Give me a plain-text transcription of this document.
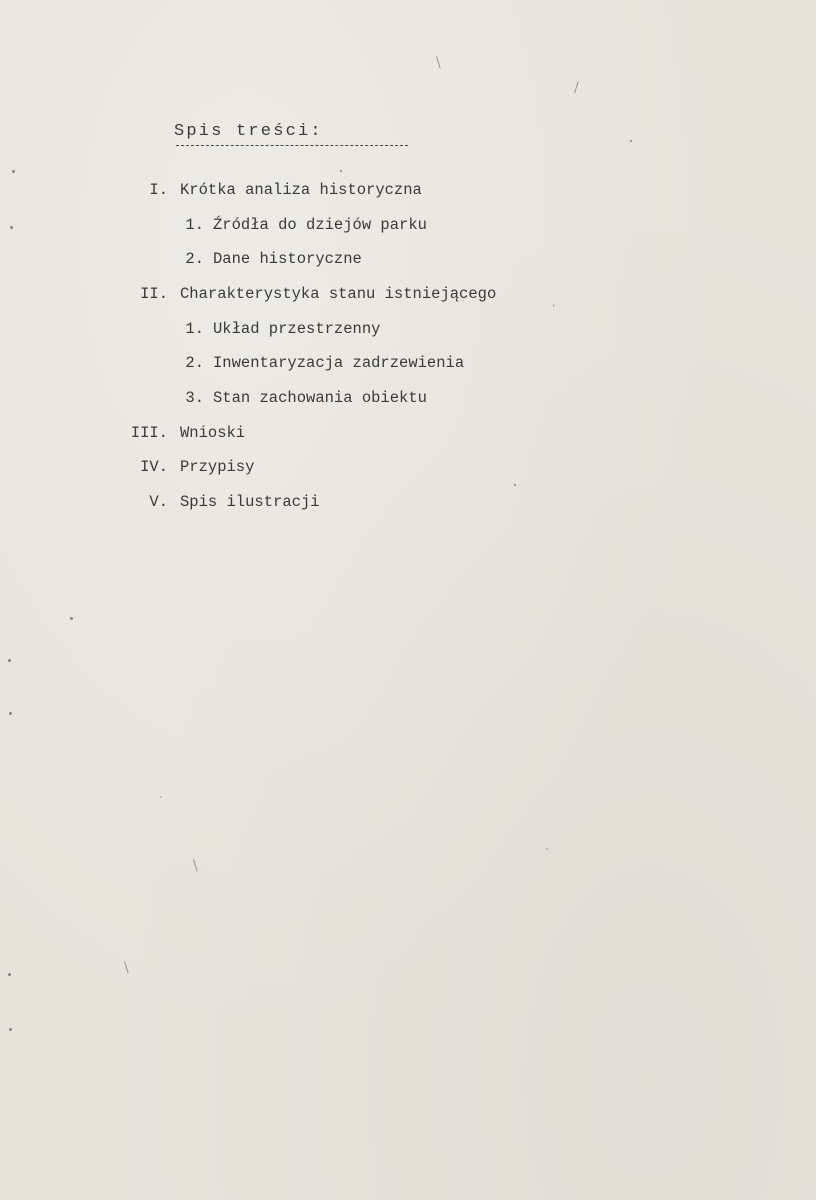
Spis treści:
I. Krótka analiza historyczna
1. Źródła do dziejów parku
2. Dane historyczne
II. Charakterystyka stanu istniejącego
1. Układ przestrzenny
2. Inwentaryzacja zadrzewienia
3. Stan zachowania obiektu
III. Wnioski
IV. Przypisy
V. Spis ilustracji
\
\
\
/
,
